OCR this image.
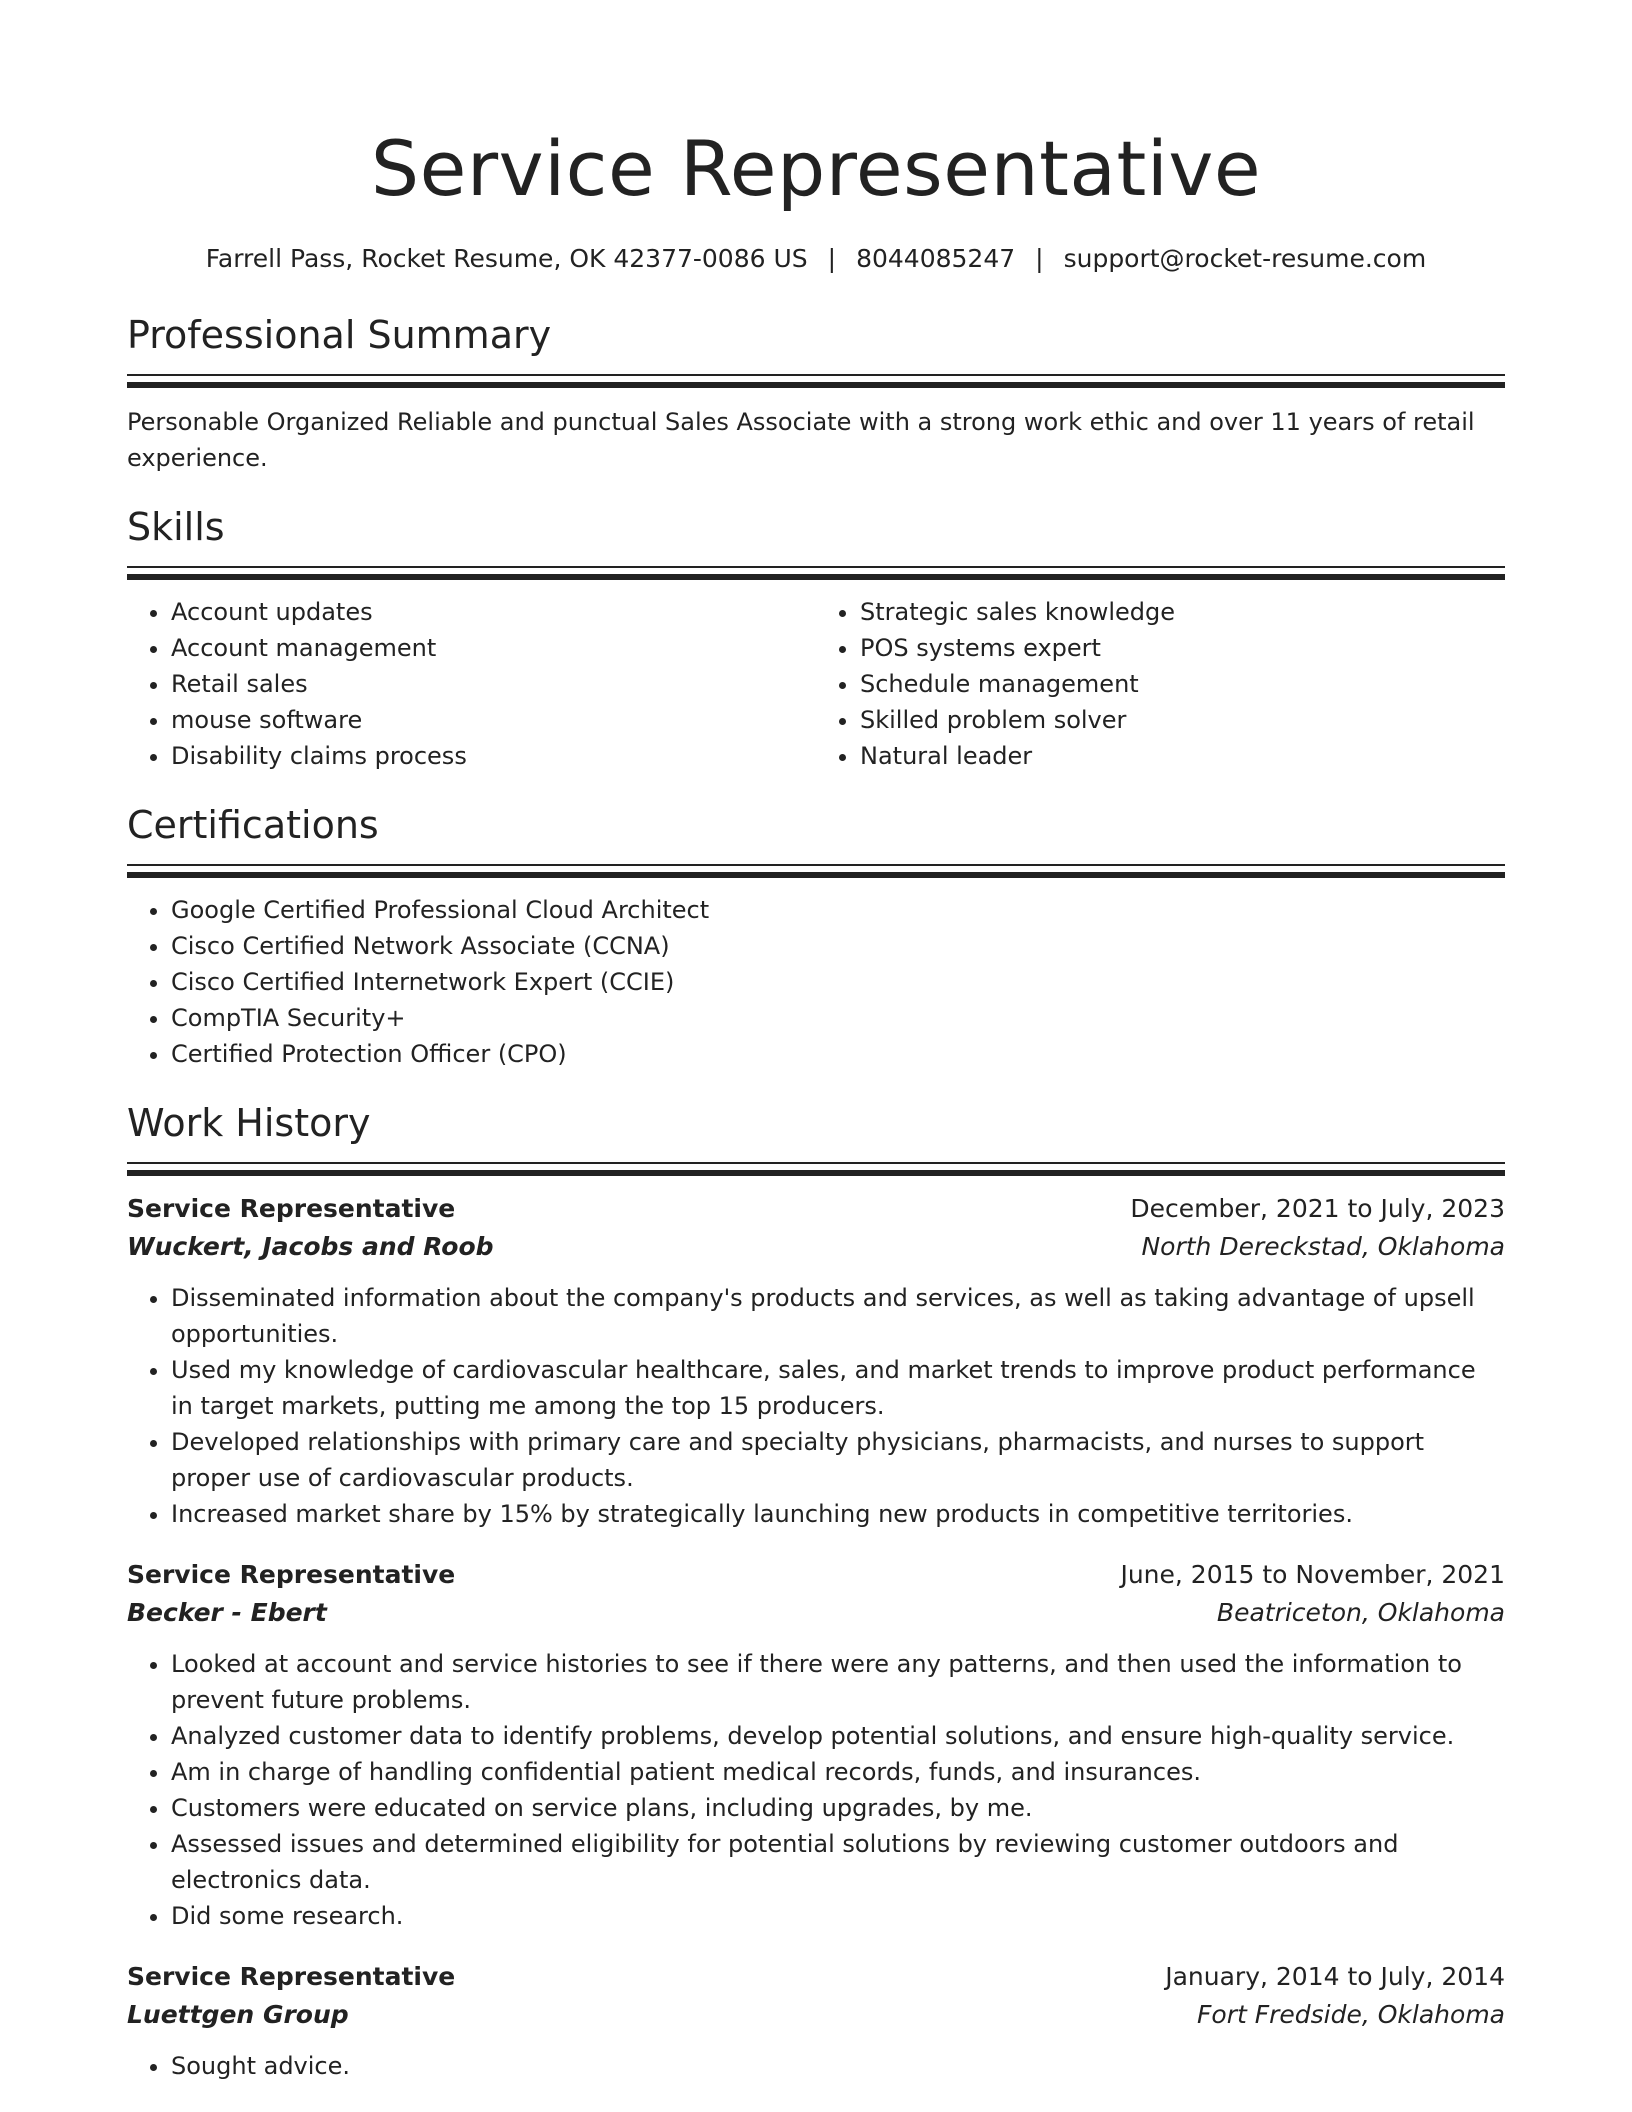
Service Representative
Farrell Pass, Rocket Resume, OK 42377-0086 US | 8044085247 | support@rocket-resume.com
Professional Summary

Personable Organized Reliable and punctual Sales Associate with a strong work ethic and over 11 years of retail experience.

Skills
• Account updates
• Account management
• Retail sales
• mouse software
• Disability claims process
• Strategic sales knowledge
• POS systems expert
• Schedule management
• Skilled problem solver
• Natural leader
Certifications
• Google Certified Professional Cloud Architect
• Cisco Certified Network Associate (CCNA)
• Cisco Certified Internetwork Expert (CCIE)
• CompTIA Security+
• Certified Protection Officer (CPO)
Work History
Service Representative	December, 2021 to July, 2023
Wuckert, Jacobs and Roob	North Dereckstad, Oklahoma
• Disseminated information about the company's products and services, as well as taking advantage of upsell opportunities.
• Used my knowledge of cardiovascular healthcare, sales, and market trends to improve product performance in target markets, putting me among the top 15 producers.
• Developed relationships with primary care and specialty physicians, pharmacists, and nurses to support proper use of cardiovascular products.
• Increased market share by 15% by strategically launching new products in competitive territories.
Service Representative	June, 2015 to November, 2021
Becker - Ebert	Beatriceton, Oklahoma
• Looked at account and service histories to see if there were any patterns, and then used the information to prevent future problems.
• Analyzed customer data to identify problems, develop potential solutions, and ensure high-quality service.
• Am in charge of handling confidential patient medical records, funds, and insurances.
• Customers were educated on service plans, including upgrades, by me.
• Assessed issues and determined eligibility for potential solutions by reviewing customer outdoors and electronics data.
• Did some research.
Service Representative	January, 2014 to July, 2014
Luettgen Group	Fort Fredside, Oklahoma
• Sought advice.
